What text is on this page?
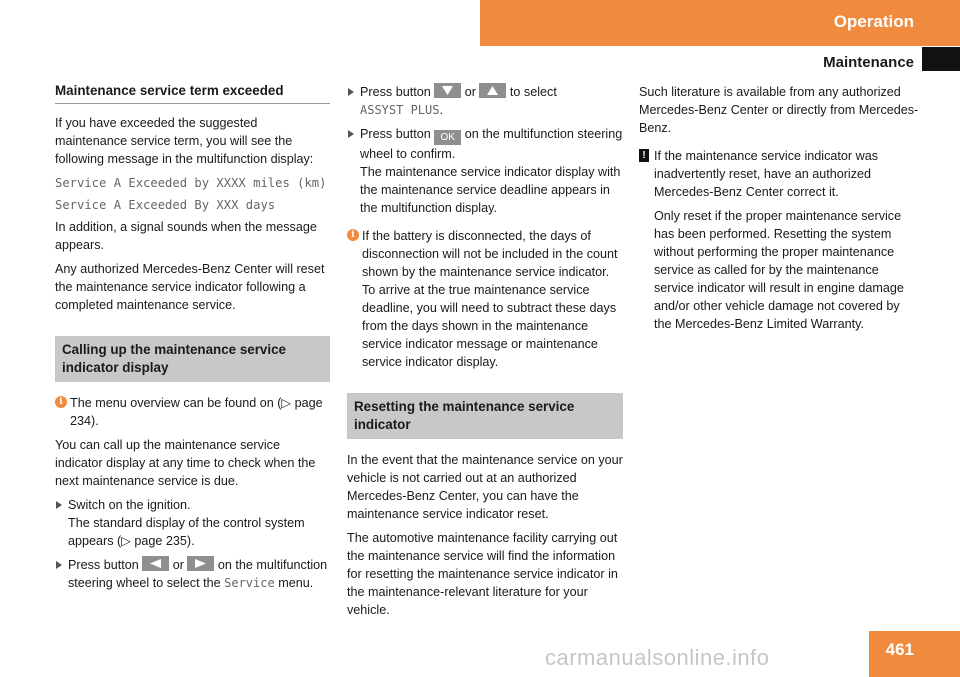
Operation
Maintenance
Maintenance service term exceeded

If you have exceeded the suggested maintenance service term, you will see the following message in the multifunction display:

Service A Exceeded by XXXX miles (km)

Service A Exceeded By XXX days

In addition, a signal sounds when the message appears.

Any authorized Mercedes-Benz Center will reset the maintenance service indicator following a completed maintenance service.

Calling up the maintenance service indicator display

i The menu overview can be found on (▷ page 234).

You can call up the maintenance service indicator display at any time to check when the next maintenance service is due.

Switch on the ignition.
The standard display of the control system appears (▷ page 235).

Press button	or	on the multifunction steering wheel to select the Service menu.

Press button	or	to select
ASSYST PLUS.

Press button OK on the multifunction steering wheel to confirm.
The maintenance service indicator display with the maintenance service deadline appears in the multifunction display.

i If the battery is disconnected, the days of disconnection will not be included in the count shown by the maintenance service indicator. To arrive at the true maintenance service deadline, you will need to subtract these days from the days shown in the maintenance service indicator message or maintenance service indicator display.

Resetting the maintenance service indicator

In the event that the maintenance service on your vehicle is not carried out at an authorized Mercedes-Benz Center, you can have the maintenance service indicator reset.

The automotive maintenance facility carrying out the maintenance service will find the information for resetting the maintenance service indicator in the maintenance-relevant literature for your vehicle.

Such literature is available from any authorized Mercedes-Benz Center or directly from Mercedes-Benz.

! If the maintenance service indicator was inadvertently reset, have an authorized Mercedes-Benz Center correct it.

Only reset if the proper maintenance service has been performed. Resetting the system without performing the proper maintenance service as called for by the maintenance service indicator will result in engine damage and/or other vehicle damage not covered by the Mercedes-Benz Limited Warranty.

461
carmanualsonline.info
